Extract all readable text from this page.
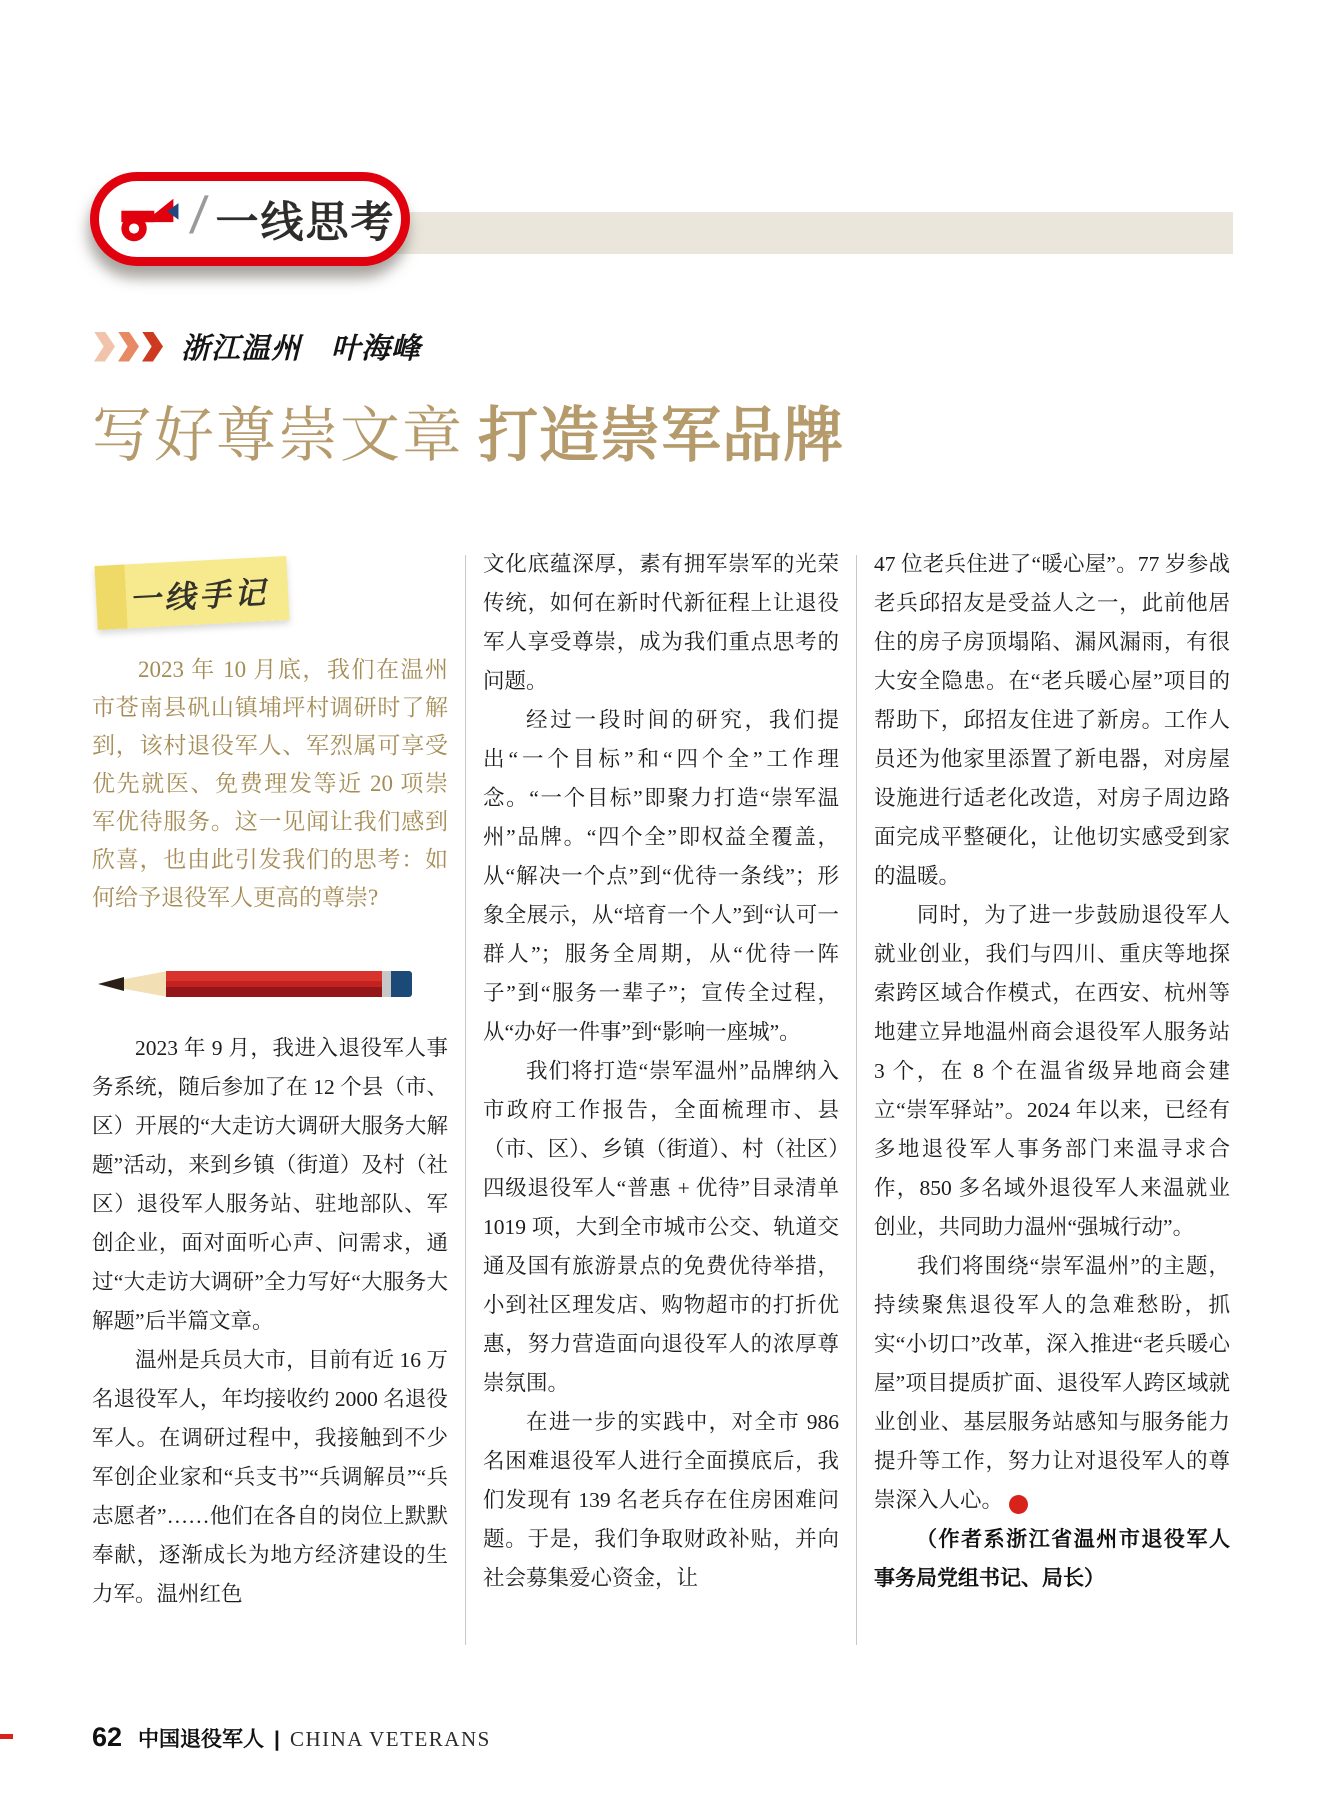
/ 一线思考
浙江温州　叶海峰
写好尊崇文章 打造崇军品牌
一线手记

2023 年 10 月底，我们在温州市苍南县矾山镇埔坪村调研时了解到，该村退役军人、军烈属可享受优先就医、免费理发等近 20 项崇军优待服务。这一见闻让我们感到欣喜，也由此引发我们的思考：如何给予退役军人更高的尊崇?

2023 年 9 月，我进入退役军人事务系统，随后参加了在 12 个县（市、区）开展的“大走访大调研大服务大解题”活动，来到乡镇（街道）及村（社区）退役军人服务站、驻地部队、军创企业，面对面听心声、问需求，通过“大走访大调研”全力写好“大服务大解题”后半篇文章。

温州是兵员大市，目前有近 16 万名退役军人，年均接收约 2000 名退役军人。在调研过程中，我接触到不少军创企业家和“兵支书”“兵调解员”“兵志愿者”……他们在各自的岗位上默默奉献，逐渐成长为地方经济建设的生力军。温州红色

文化底蕴深厚，素有拥军崇军的光荣传统，如何在新时代新征程上让退役军人享受尊崇，成为我们重点思考的问题。

经过一段时间的研究，我们提出“一个目标”和“四个全”工作理念。“一个目标”即聚力打造“崇军温州”品牌。“四个全”即权益全覆盖，从“解决一个点”到“优待一条线”；形象全展示，从“培育一个人”到“认可一群人”；服务全周期，从“优待一阵子”到“服务一辈子”；宣传全过程，从“办好一件事”到“影响一座城”。

我们将打造“崇军温州”品牌纳入市政府工作报告，全面梳理市、县（市、区）、乡镇（街道）、村（社区）四级退役军人“普惠 + 优待”目录清单 1019 项，大到全市城市公交、轨道交通及国有旅游景点的免费优待举措，小到社区理发店、购物超市的打折优惠，努力营造面向退役军人的浓厚尊崇氛围。

在进一步的实践中，对全市 986 名困难退役军人进行全面摸底后，我们发现有 139 名老兵存在住房困难问题。于是，我们争取财政补贴，并向社会募集爱心资金，让

47 位老兵住进了“暖心屋”。77 岁参战老兵邱招友是受益人之一，此前他居住的房子房顶塌陷、漏风漏雨，有很大安全隐患。在“老兵暖心屋”项目的帮助下，邱招友住进了新房。工作人员还为他家里添置了新电器，对房屋设施进行适老化改造，对房子周边路面完成平整硬化，让他切实感受到家的温暖。

同时，为了进一步鼓励退役军人就业创业，我们与四川、重庆等地探索跨区域合作模式，在西安、杭州等地建立异地温州商会退役军人服务站 3 个，在 8 个在温省级异地商会建立“崇军驿站”。2024 年以来，已经有多地退役军人事务部门来温寻求合作，850 多名域外退役军人来温就业创业，共同助力温州“强城行动”。

我们将围绕“崇军温州”的主题，持续聚焦退役军人的急难愁盼，抓实“小切口”改革，深入推进“老兵暖心屋”项目提质扩面、退役军人跨区域就业创业、基层服务站感知与服务能力提升等工作，努力让对退役军人的尊崇深入人心。	V

（作者系浙江省温州市退役军人事务局党组书记、局长）

62 中国退役军人 | CHINA VETERANS
